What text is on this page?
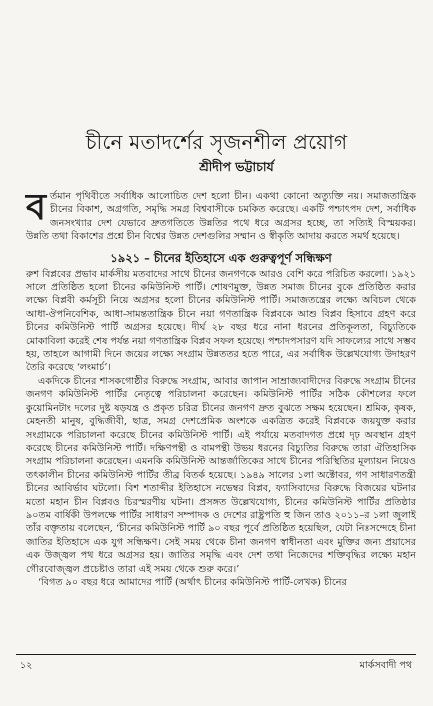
চীনে মতাদর্শের সৃজনশীল প্রয়োগ
শ্রীদীপ ভট্টাচার্য

বর্তমান পৃথিবীতে সর্বাধিক আলোচিত দেশ হলো চীন। একথা কোনো অত্যুক্তি নয়। সমাজতান্ত্রিক চীনের বিকাশ, অগ্রগতি, সমৃদ্ধি সমগ্র বিশ্ববাসীকে চমকিত করেছে। একটি পশ্চাৎপদ দেশ, সর্বাধিক জনসংখ্যার দেশ যেভাবে দ্রুতগতিতে উন্নতির পথে ধরে অগ্রসর হচ্ছে, তা সত্যিই বিস্ময়কর। উন্নতি তথা বিকাশের প্রশ্নে চীন বিশ্বের উন্নত দেশগুলির সম্মান ও স্বীকৃতি আদায় করতে সমর্থ হয়েছে।

১৯২১ – চীনের ইতিহাসে এক গুরুত্বপূর্ণ সন্ধিক্ষণ

রুশ বিপ্লবের প্রভাব মার্কসীয় মতবাদের সাথে চীনের জনগণকে আরও বেশি করে পরিচিত করলো। ১৯২১ সালে প্রতিষ্ঠিত হলো চীনের কমিউনিস্ট পার্টি। শোষণমুক্ত, উন্নত সমাজ চীনের বুকে প্রতিষ্ঠিত করার লক্ষ্যে বিপ্লবী কর্মসূচী নিয়ে অগ্রসর হলো চীনের কমিউনিস্ট পার্টি। সমাজতন্ত্রের লক্ষ্যে অবিচল থেকে আধা-ঔপনিবেশিক, আধা-সামন্ততান্ত্রিক চীনে নয়া গণতান্ত্রিক বিপ্লবকে আশু বিপ্লব হিসাবে গ্রহণ করে চীনের কমিউনিস্ট পার্টি অগ্রসর হয়েছে। দীর্ঘ ২৮ বছর ধরে নানা ধরনের প্রতিকূলতা, বিচ্যুতিকে মোকাবিলা করেই শেষ পর্যন্ত নয়া গণতান্ত্রিক বিপ্লব সফল হয়েছে। পশ্চাদপসারণ যদি সাফল্যের সাথে সম্ভব হয়, তাহলে আগামী দিনে জয়ের লক্ষ্যে সংগ্রাম উন্নততর হতে পারে, এর সর্বাধিক উল্লেখযোগ্য উদাহরণ তৈরি করেছে ‘লংমার্চ’।

একদিকে চীনের শাসকগোষ্ঠীর বিরুদ্ধে সংগ্রাম, আবার জাপান সাম্রাজ্যবাদীদের বিরুদ্ধে সংগ্রাম চীনের জনগণ কমিউনিস্ট পার্টির নেতৃত্বে পরিচালনা করেছেন। কমিউনিস্ট পার্টির সঠিক কৌশলের ফলে কুয়োমিনটাং দলের দুষ্ট ষড়যন্ত্র ও প্রকৃত চরিত্র চীনের জনগণ দ্রুত বুঝতে সক্ষম হয়েছেন। শ্রমিক, কৃষক, মেহনতী মানুষ, বুদ্ধিজীবী, ছাত্র, সমগ্র দেশপ্রেমিক অংশকে একত্রিত করেই বিপ্লবকে জয়যুক্ত করার সংগ্রামকে পরিচালনা করেছে চীনের কমিউনিস্ট পার্টি। এই পর্যায়ে মতবাদগত প্রশ্নে দৃঢ় অবস্থান গ্রহণ করেছে চীনের কমিউনিস্ট পার্টি। দক্ষিণপন্থী ও বামপন্থী উভয় ধরনের বিচ্যুতির বিরুদ্ধে তারা ঐতিহাসিক সংগ্রাম পরিচালনা করেছেন। এমনকি কমিউনিস্ট আন্তর্জাতিকের সাথে চীনের পরিস্থিতির মূল্যায়ন নিয়েও তৎকালীন চীনের কমিউনিস্ট পার্টির তীব্র বিতর্ক হয়েছে। ১৯৪৯ সালের ১লা অক্টোবর, গণ সাধারণতন্ত্রী চীনের আবির্ভাব ঘটলো। বিশ শতাব্দীর ইতিহাসে নভেম্বর বিপ্লব, ফ্যাসিবাদের বিরুদ্ধে বিজয়ের ঘটনার মতো মহান চীন বিপ্লবও চিরস্মরণীয় ঘটনা। প্রসঙ্গত উল্লেখযোগ্য, চীনের কমিউনিস্ট পার্টির প্রতিষ্ঠার ৯০তম বার্ষিকী উপলক্ষে পার্টির সাধারণ সম্পাদক ও দেশের রাষ্ট্রপতি হু জিন তাও ২০১১–র ১লা জুলাই তাঁর বক্তৃতায় বলেছেন, ‘চীনের কমিউনিস্ট পার্টি ৯০ বছর পূর্বে প্রতিষ্ঠিত হয়েছিল, যেটা নিঃসন্দেহে চীনা জাতির ইতিহাসে এক যুগ সন্ধিক্ষণ। সেই সময় থেকে চীনা জনগণ স্বাধীনতা এবং মুক্তির জন্য প্রয়াসের এক উজ্জ্বল পথ ধরে অগ্রসর হয়। জাতির সমৃদ্ধি এবং দেশ তথা নিজেদের শক্তিবৃদ্ধির লক্ষ্যে মহান গৌরবোজ্জ্বল প্রচেষ্টাও তারা এই সময় থেকে শুরু করে।’

‘বিগত ৯০ বছর ধরে আমাদের পার্টি (অর্থাৎ চীনের কমিউনিস্ট পার্টি-লেখক) চীনের

১২	মার্কসবাদী পথ
